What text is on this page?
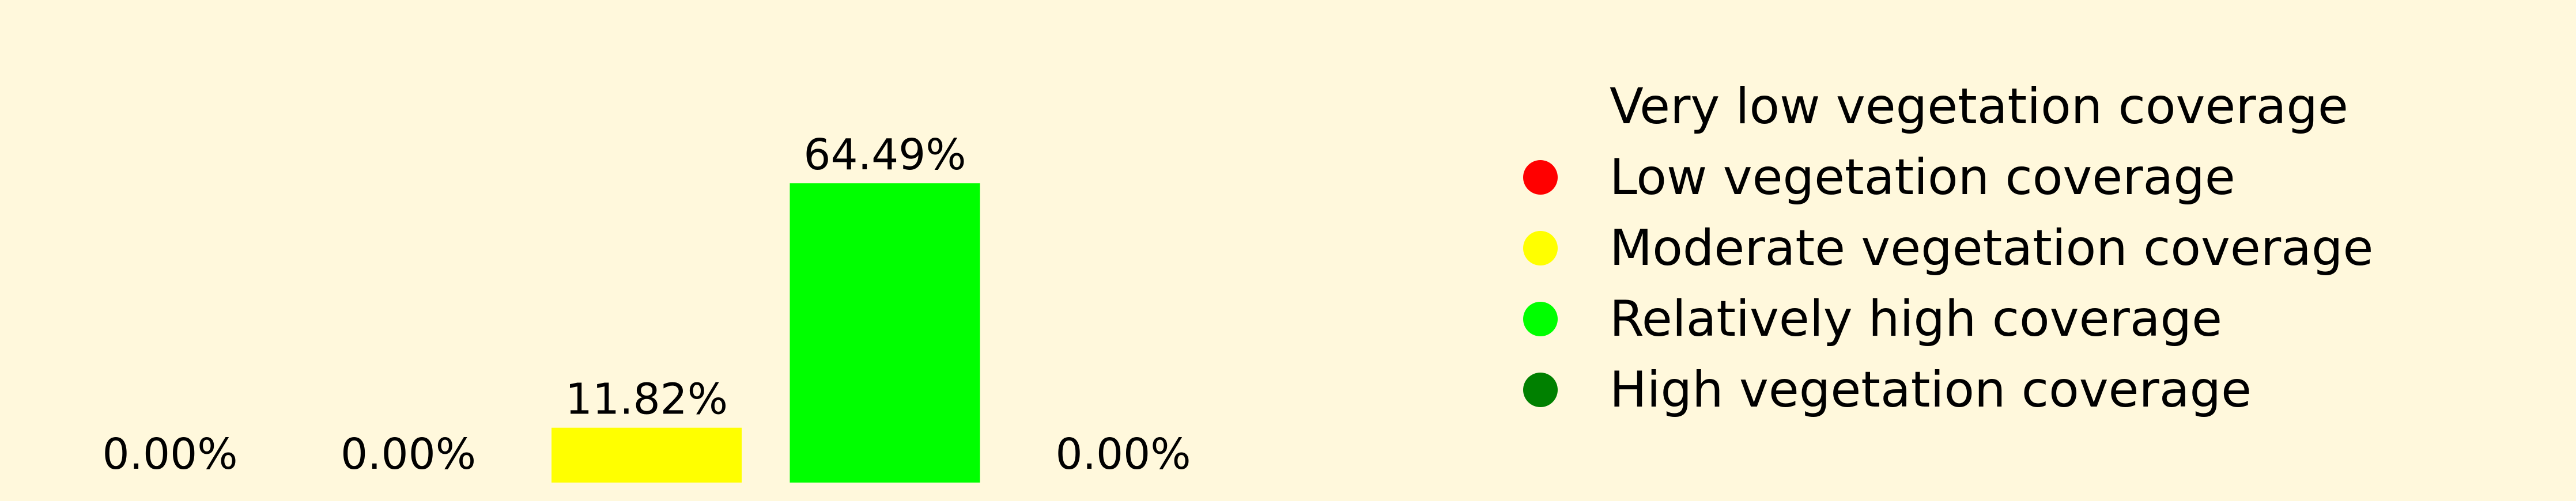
0.00% 0.00%
11.82%
64.49%
0.00%
Very low vegetation coverage
Low vegetation coverage
Moderate vegetation coverage
Relatively high coverage
High vegetation coverage
